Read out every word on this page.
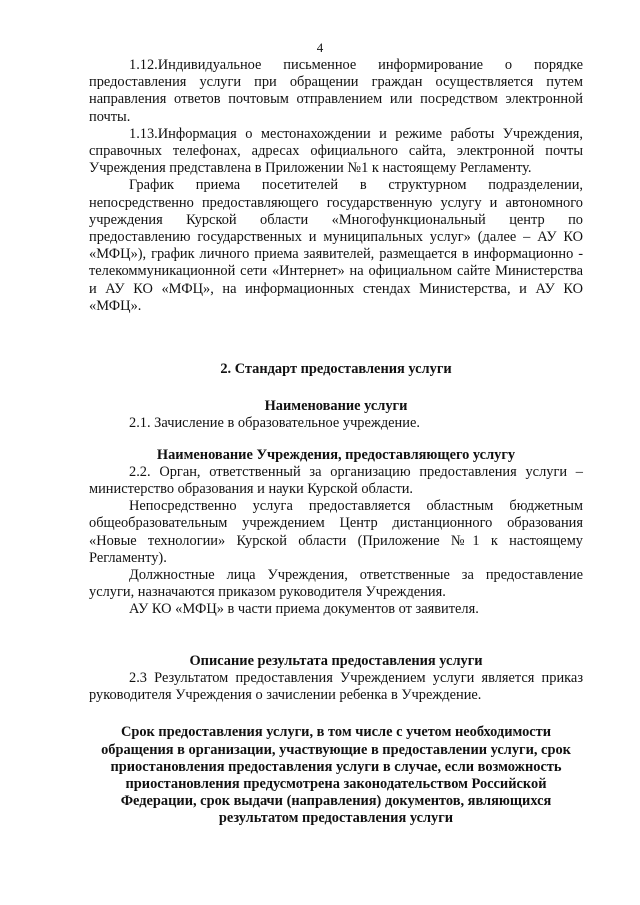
4

1.12.Индивидуальное письменное информирование о порядке предоставления услуги при обращении граждан осуществляется путем направления ответов почтовым отправлением или посредством электронной почты.

1.13.Информация о местонахождении и режиме работы Учреждения, справочных телефонах, адресах официального сайта, электронной почты Учреждения представлена в Приложении №1 к настоящему Регламенту.

График приема посетителей в структурном подразделении, непосредственно предоставляющего государственную услугу и автономного учреждения Курской области «Многофункциональный центр по предоставлению государственных и муниципальных услуг» (далее – АУ КО «МФЦ»), график личного приема заявителей, размещается в информационно - телекоммуникационной сети «Интернет» на официальном сайте Министерства и АУ КО «МФЦ», на информационных стендах Министерства, и АУ КО «МФЦ».

2. Стандарт предоставления услуги

Наименование услуги

2.1. Зачисление в образовательное учреждение.

Наименование Учреждения, предоставляющего услугу

2.2. Орган, ответственный за организацию предоставления услуги – министерство образования и науки Курской области.

Непосредственно услуга предоставляется областным бюджетным общеобразовательным учреждением Центр дистанционного образования «Новые технологии» Курской области (Приложение №1 к настоящему Регламенту).

Должностные лица Учреждения, ответственные за предоставление услуги, назначаются приказом руководителя Учреждения.

АУ КО «МФЦ» в части приема документов от заявителя.

Описание результата предоставления услуги

2.3 Результатом предоставления Учреждением услуги является приказ руководителя Учреждения о зачислении ребенка в Учреждение.

Срок предоставления услуги, в том числе с учетом необходимости обращения в организации, участвующие в предоставлении услуги, срок приостановления предоставления услуги в случае, если возможность приостановления предусмотрена законодательством Российской Федерации, срок выдачи (направления) документов, являющихся результатом предоставления услуги
